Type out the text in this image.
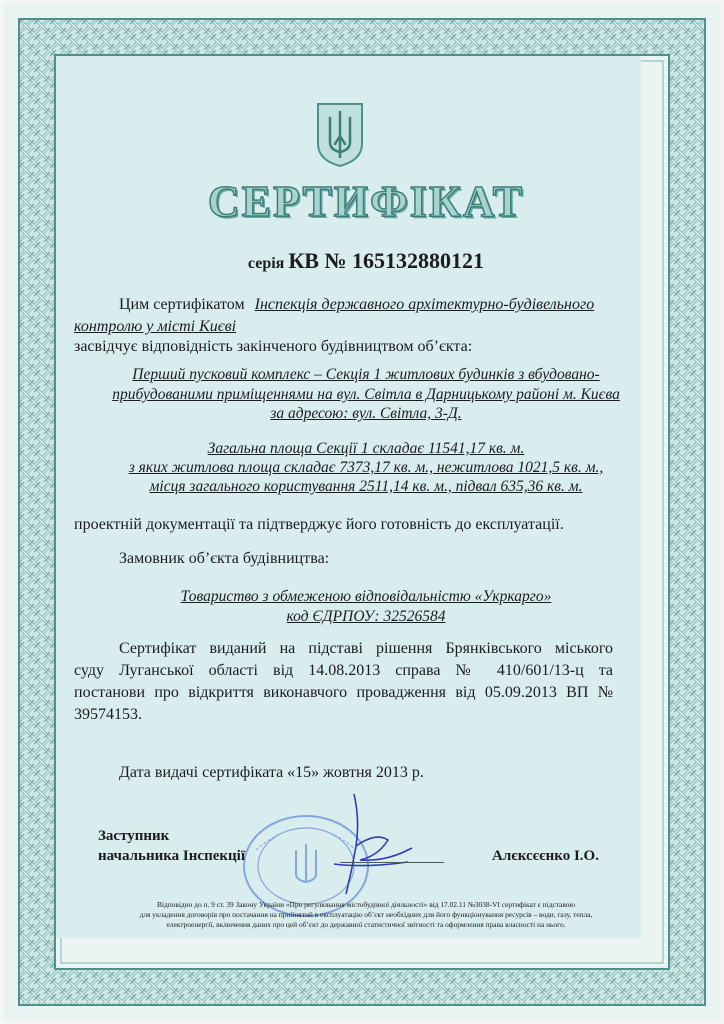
СЕРТИФІКАТ
серія КВ № 165132880121
Цим сертифікатом Інспекція державного архітектурно-будівельного
контролю у місті Києві
засвідчує відповідність закінченого будівництвом об’єкта:
Перший пусковий комплекс – Секція 1 житлових будинків з вбудовано-
прибудованими приміщеннями на вул. Світла в Дарницькому районі м. Києва
за адресою: вул. Світла, 3-Д.
Загальна площа Секції 1 складає 11541,17 кв. м.
з яких житлова площа складає 7373,17 кв. м., нежитлова 1021,5 кв. м.,
місця загального користування 2511,14 кв. м., підвал 635,36 кв. м.
проектній документації та підтверджує його готовність до експлуатації.
Замовник об’єкта будівництва:
Товариство з обмеженою відповідальністю «Укркарго»
код ЄДРПОУ: 32526584
Сертифікат виданий на підставі рішення Брянківського міського
суду Луганської області від 14.08.2013 справа № 410/601/13-ц та
постанови про відкриття виконавчого провадження від 05.09.2013 ВП №
39574153.
Дата видачі сертифіката «15» жовтня 2013 р.
Заступник
начальника Інспекції	Алєксєєнко І.О.
Відповідно до п. 9 ст. 39 Закону України «Про регулювання містобудівної діяльності» від 17.02.11 №3038-VI сертифікат є підставою
для укладення договорів про постачання на прийнятий в експлуатацію об’єкт необхідних для його функціонування ресурсів – води, газу, тепла,
електроенергії, включення даних про цей об’єкт до державної статистичної звітності та оформлення права власності на нього.
